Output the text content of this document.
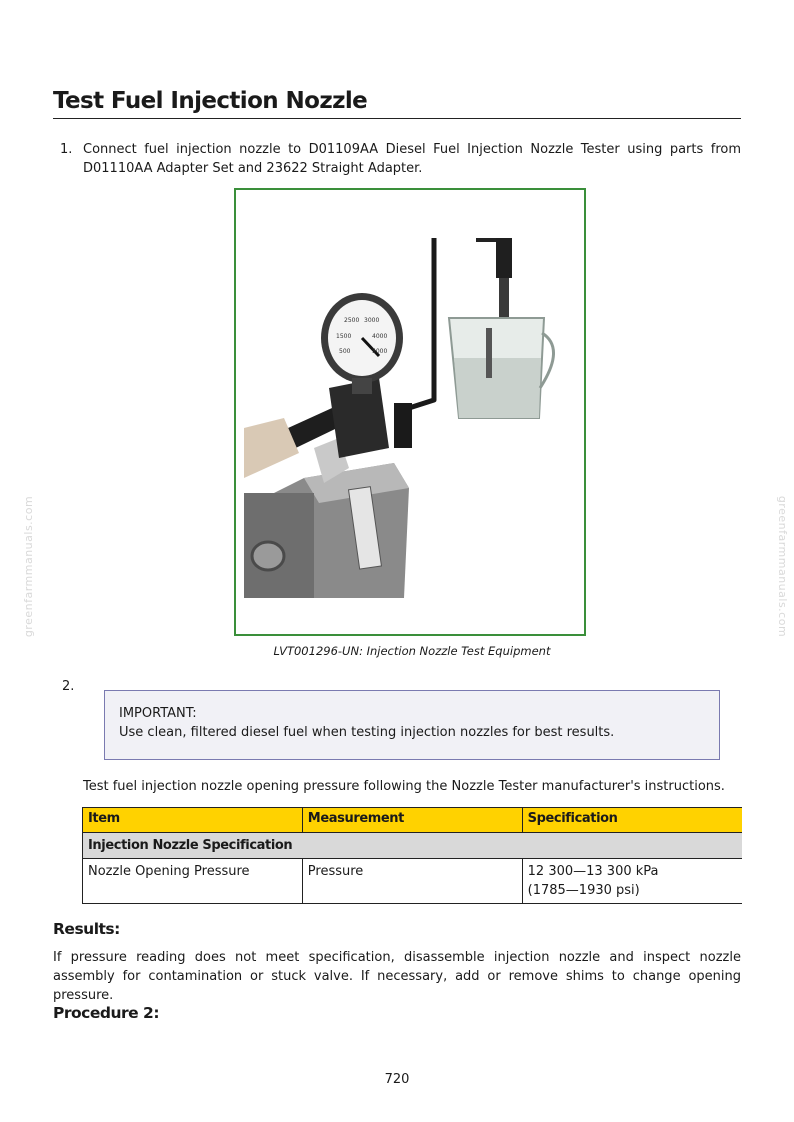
Test Fuel Injection Nozzle
1. Connect fuel injection nozzle to D01109AA Diesel Fuel Injection Nozzle Tester using parts from D01110AA Adapter Set and 23622 Straight Adapter.
2500 3000
1500	4000
500	5000
LVT001296-UN: Injection Nozzle Test Equipment
2.
IMPORTANT:
Use clean, filtered diesel fuel when testing injection nozzles for best results.
Test fuel injection nozzle opening pressure following the Nozzle Tester manufacturer's instructions.
Item	Measurement	Specification
Injection Nozzle Specification		
Nozzle Opening Pressure	Pressure	12 300—13 300 kPa
(1785—1930 psi)
Results:
If pressure reading does not meet specification, disassemble injection nozzle and inspect nozzle assembly for contamination or stuck valve. If necessary, add or remove shims to change opening pressure.
Procedure 2:
720
greenfarmmanuals.com	greenfarmmanuals.com
